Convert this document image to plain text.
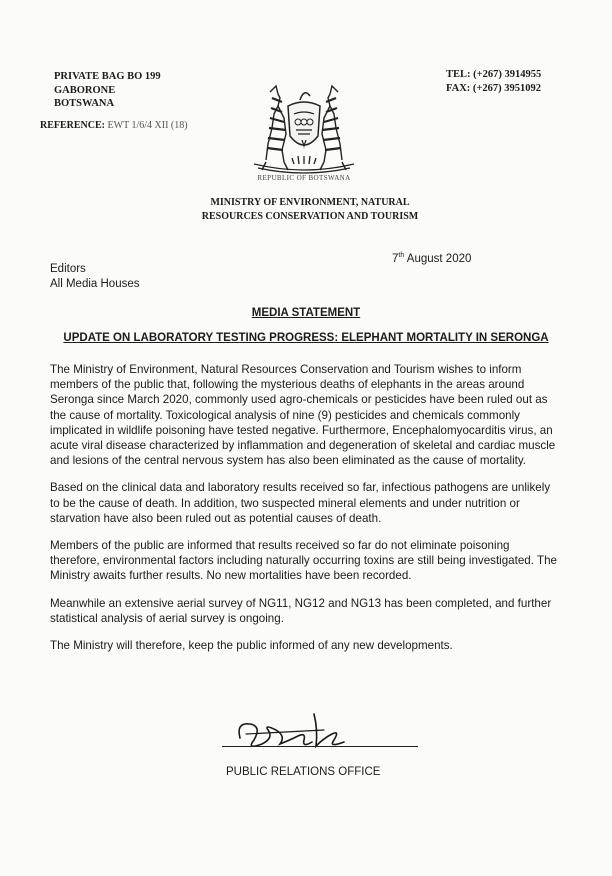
PRIVATE BAG BO 199
GABORONE
BOTSWANA
REFERENCE: EWT 1/6/4 XII (18)
TEL: (+267) 3914955
FAX: (+267) 3951092
REPUBLIC OF BOTSWANA
MINISTRY OF ENVIRONMENT, NATURAL
RESOURCES CONSERVATION AND TOURISM
7th August 2020
Editors
All Media Houses
MEDIA STATEMENT
UPDATE ON LABORATORY TESTING PROGRESS: ELEPHANT MORTALITY IN SERONGA

The Ministry of Environment, Natural Resources Conservation and Tourism wishes to inform members of the public that, following the mysterious deaths of elephants in the areas around Seronga since March 2020, commonly used agro-chemicals or pesticides have been ruled out as the cause of mortality. Toxicological analysis of nine (9) pesticides and chemicals commonly implicated in wildlife poisoning have tested negative. Furthermore, Encephalomyocarditis virus, an acute viral disease characterized by inflammation and degeneration of skeletal and cardiac muscle and lesions of the central nervous system has also been eliminated as the cause of mortality.

Based on the clinical data and laboratory results received so far, infectious pathogens are unlikely to be the cause of death. In addition, two suspected mineral elements and under nutrition or starvation have also been ruled out as potential causes of death.

Members of the public are informed that results received so far do not eliminate poisoning therefore, environmental factors including naturally occurring toxins are still being investigated. The Ministry awaits further results. No new mortalities have been recorded.

Meanwhile an extensive aerial survey of NG11, NG12 and NG13 has been completed, and further statistical analysis of aerial survey is ongoing.

The Ministry will therefore, keep the public informed of any new developments.

PUBLIC RELATIONS OFFICE
